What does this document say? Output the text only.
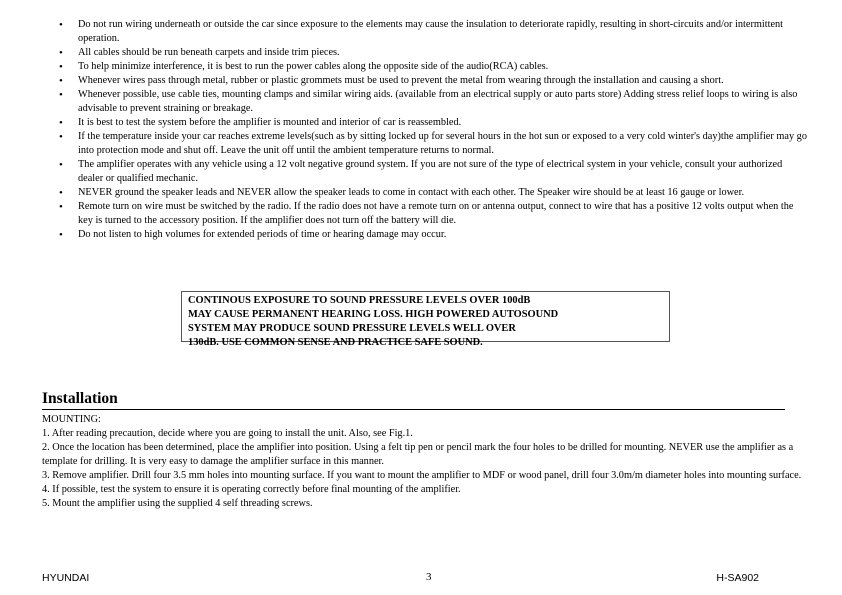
• Do not run wiring underneath or outside the car since exposure to the elements may cause the insulation to deteriorate rapidly, resulting in short-circuits and/or intermittent operation.
• All cables should be run beneath carpets and inside trim pieces.
• To help minimize interference, it is best to run the power cables along the opposite side of the audio(RCA) cables.
• Whenever wires pass through metal, rubber or plastic grommets must be used to prevent the metal from wearing through the installation and causing a short.
• Whenever possible, use cable ties, mounting clamps and similar wiring aids. (available from an electrical supply or auto parts store) Adding stress relief loops to wiring is also advisable to prevent straining or breakage.
• It is best to test the system before the amplifier is mounted and interior of car is reassembled.
• If the temperature inside your car reaches extreme levels(such as by sitting locked up for several hours in the hot sun or exposed to a very cold winter's day)the amplifier may go into protection mode and shut off. Leave the unit off until the ambient temperature returns to normal.
• The amplifier operates with any vehicle using a 12 volt negative ground system. If you are not sure of the type of electrical system in your vehicle, consult your authorized dealer or qualified mechanic.
• NEVER ground the speaker leads and NEVER allow the speaker leads to come in contact with each other. The Speaker wire should be at least 16 gauge or lower.
• Remote turn on wire must be switched by the radio. If the radio does not have a remote turn on or antenna output, connect to wire that has a positive 12 volts output when the key is turned to the accessory position. If the amplifier does not turn off the battery will die.
• Do not listen to high volumes for extended periods of time or hearing damage may occur.
CONTINOUS EXPOSURE TO SOUND PRESSURE LEVELS OVER 100dB
MAY CAUSE PERMANENT HEARING LOSS. HIGH POWERED AUTOSOUND
SYSTEM MAY PRODUCE SOUND PRESSURE LEVELS WELL OVER
130dB. USE COMMON SENSE AND PRACTICE SAFE SOUND.
Installation

MOUNTING:

1. After reading precaution, decide where you are going to install the unit. Also, see Fig.1.

2. Once the location has been determined, place the amplifier into position. Using a felt tip pen or pencil mark the four holes to be drilled for mounting. NEVER use the amplifier as a template for drilling. It is very easy to damage the amplifier surface in this manner.

3. Remove amplifier. Drill four 3.5 mm holes into mounting surface. If you want to mount the amplifier to MDF or wood panel, drill four 3.0m/m diameter holes into mounting surface.

4. If possible, test the system to ensure it is operating correctly before final mounting of the amplifier.

5. Mount the amplifier using the supplied 4 self threading screws.

HYUNDAI	3	H-SA902
